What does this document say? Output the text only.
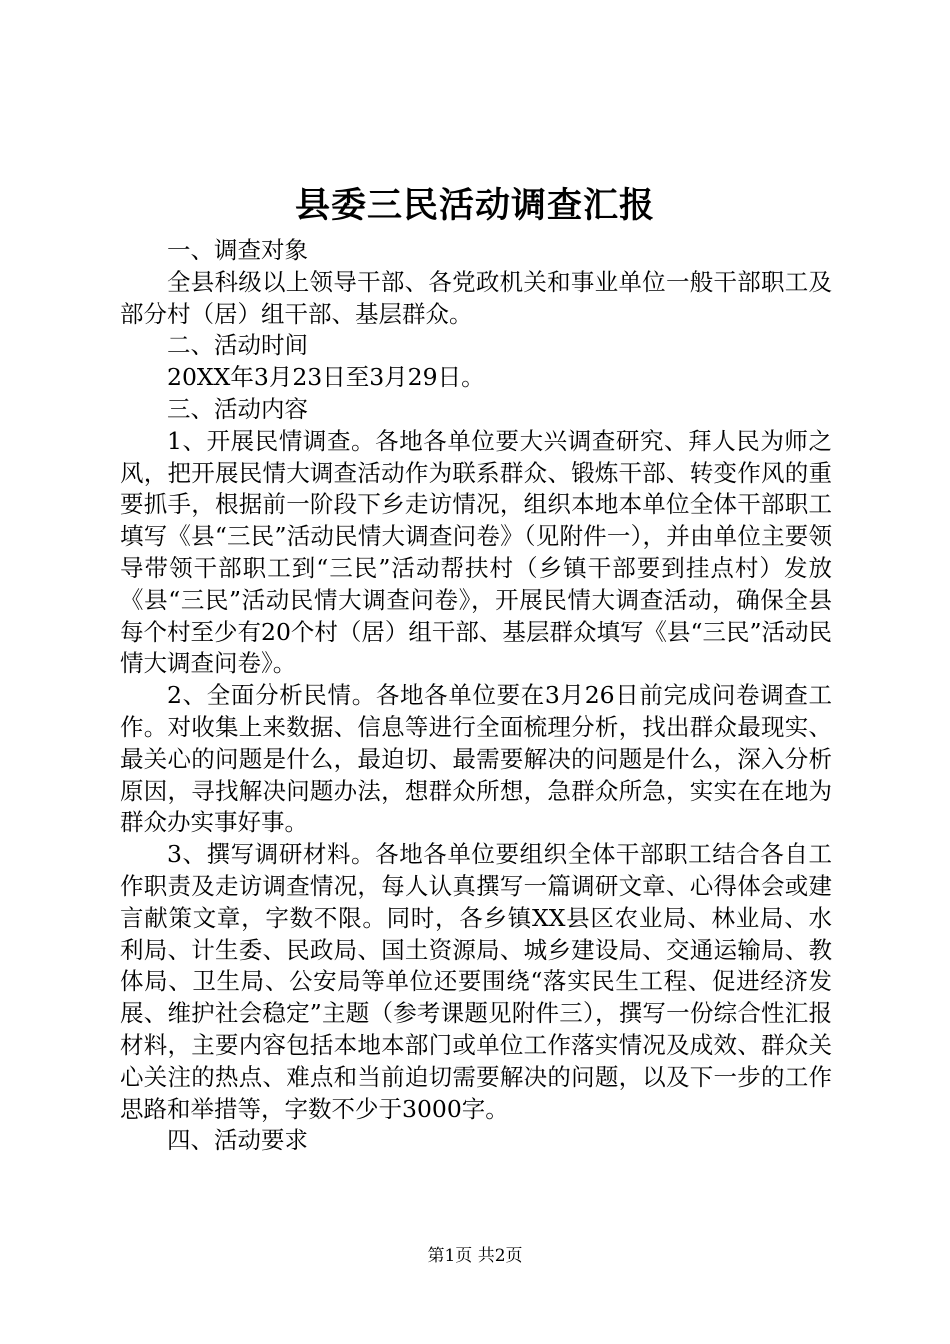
县委三民活动调查汇报

一、调查对象

全县科级以上领导干部、各党政机关和事业单位一般干部职工及部分村（居）组干部、基层群众。

二、活动时间

20XX年3月23日至3月29日。

三、活动内容

1、开展民情调查。各地各单位要大兴调查研究、拜人民为师之风，把开展民情大调查活动作为联系群众、锻炼干部、转变作风的重要抓手，根据前一阶段下乡走访情况，组织本地本单位全体干部职工填写《县“三民”活动民情大调查问卷》（见附件一），并由单位主要领导带领干部职工到“三民”活动帮扶村（乡镇干部要到挂点村）发放《县“三民”活动民情大调查问卷》，开展民情大调查活动，确保全县每个村至少有20个村（居）组干部、基层群众填写《县“三民”活动民情大调查问卷》。

2、全面分析民情。各地各单位要在3月26日前完成问卷调查工作。对收集上来数据、信息等进行全面梳理分析，找出群众最现实、最关心的问题是什么，最迫切、最需要解决的问题是什么，深入分析原因，寻找解决问题办法，想群众所想，急群众所急，实实在在地为群众办实事好事。

3、撰写调研材料。各地各单位要组织全体干部职工结合各自工作职责及走访调查情况，每人认真撰写一篇调研文章、心得体会或建言献策文章，字数不限。同时，各乡镇XX县区农业局、林业局、水利局、计生委、民政局、国土资源局、城乡建设局、交通运输局、教体局、卫生局、公安局等单位还要围绕“落实民生工程、促进经济发展、维护社会稳定”主题（参考课题见附件三），撰写一份综合性汇报材料，主要内容包括本地本部门或单位工作落实情况及成效、群众关心关注的热点、难点和当前迫切需要解决的问题，以及下一步的工作思路和举措等，字数不少于3000字。

四、活动要求

第1页 共2页
